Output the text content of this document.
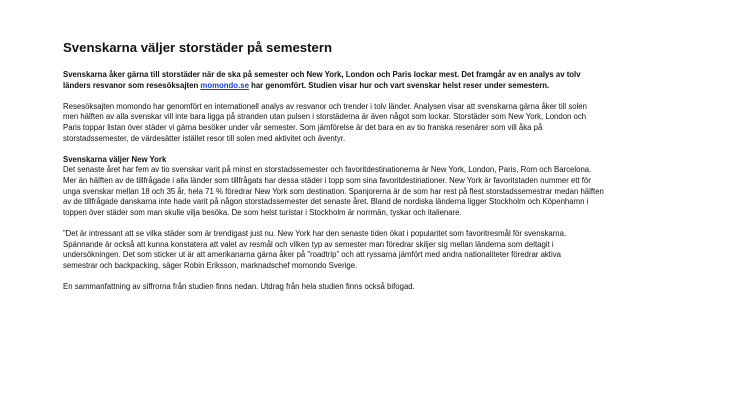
Svenskarna väljer storstäder på semestern
Svenskarna åker gärna till storstäder när de ska på semester och New York, London och Paris lockar mest. Det framgår av en analys av tolv
länders resvanor som resesöksajten momondo.se har genomfört. Studien visar hur och vart svenskar helst reser under semestern.
Resesöksajten momondo har genomfört en internationell analys av resvanor och trender i tolv länder. Analysen visar att svenskarna gärna åker till solen
men hälften av alla svenskar vill inte bara ligga på stranden utan pulsen i storstäderna är även något som lockar. Storstäder som New York, London och
Paris toppar listan över städer vi gärna besöker under vår semester. Som jämförelse är det bara en av tio franska resenärer som vill åka på
storstadssemester, de värdesätter istället resor till solen med aktivitet och äventyr.
Svenskarna väljer New York
Det senaste året har fem av tio svenskar varit på minst en storstadssemester och favoritdestinationerna är New York, London, Paris, Rom och Barcelona.
Mer än hälften av de tillfrågade i alla länder som tillfrågats har dessa städer i topp som sina favoritdestinationer. New York är favoritstaden nummer ett för
unga svenskar mellan 18 och 35 år, hela 71 % föredrar New York som destination. Spanjorerna är de som har rest på flest storstadssemestrar medan hälften
av de tillfrågade danskarna inte hade varit på någon storstadssemester det senaste året. Bland de nordiska länderna ligger Stockholm och Köpenhamn i
toppen över städer som man skulle vilja besöka. De som helst turistar i Stockholm är norrmän, tyskar och italienare.
”Det är intressant att se vilka städer som är trendigast just nu. New York har den senaste tiden ökat i popularitet som favoritresmål för svenskarna.
Spännande är också att kunna konstatera att valet av resmål och vilken typ av semester man föredrar skiljer sig mellan länderna som deltagit i
undersökningen. Det som sticker ut är att amerikanarna gärna åker på ”roadtrip” och att ryssarna jämfört med andra nationaliteter föredrar aktiva
semestrar och backpacking, säger Robin Eriksson, marknadschef momondo Sverige.
En sammanfattning av siffrorna från studien finns nedan. Utdrag från hela studien finns också bifogad.
